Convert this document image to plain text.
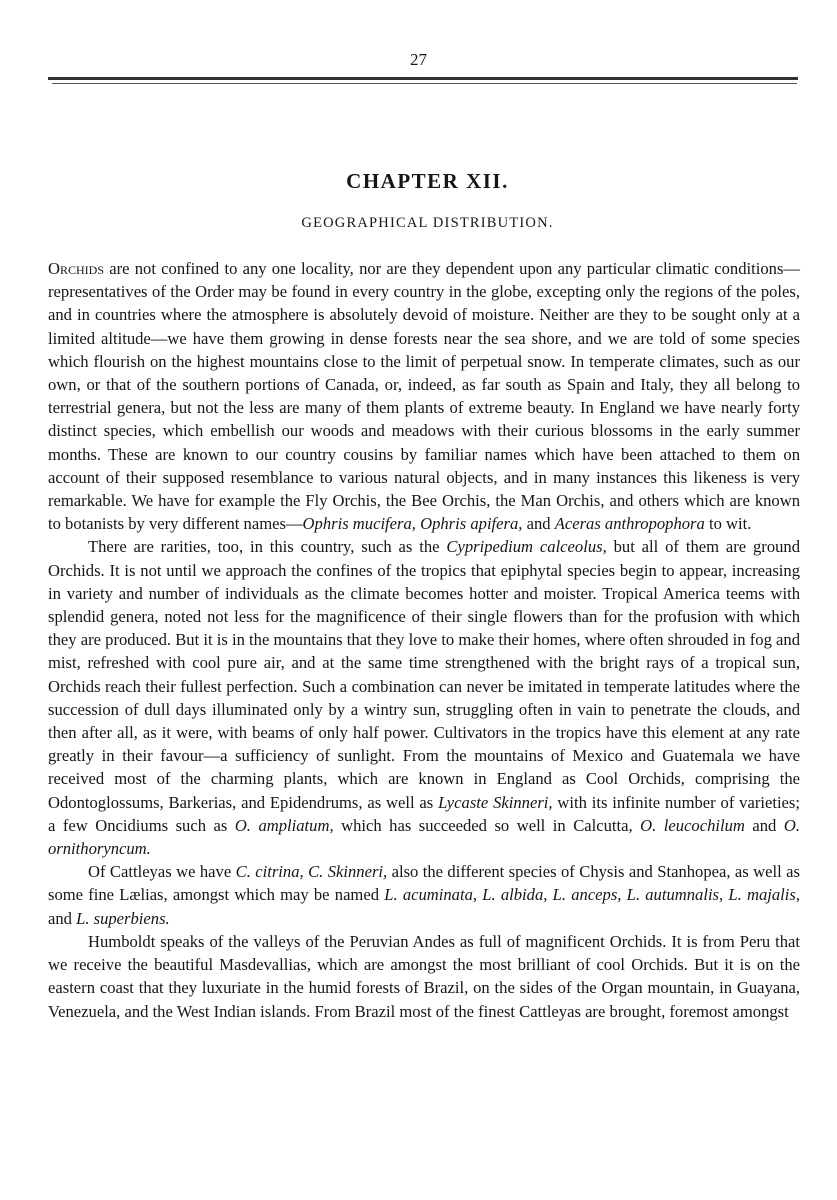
27
CHAPTER XII.
GEOGRAPHICAL DISTRIBUTION.

Orchids are not confined to any one locality, nor are they dependent upon any particular climatic conditions—representatives of the Order may be found in every country in the globe, excepting only the regions of the poles, and in countries where the atmosphere is absolutely devoid of moisture. Neither are they to be sought only at a limited altitude—we have them growing in dense forests near the sea shore, and we are told of some species which flourish on the highest mountains close to the limit of perpetual snow. In temperate climates, such as our own, or that of the southern portions of Canada, or, indeed, as far south as Spain and Italy, they all belong to terrestrial genera, but not the less are many of them plants of extreme beauty. In England we have nearly forty distinct species, which embellish our woods and meadows with their curious blossoms in the early summer months. These are known to our country cousins by familiar names which have been attached to them on account of their supposed resemblance to various natural objects, and in many instances this likeness is very remarkable. We have for example the Fly Orchis, the Bee Orchis, the Man Orchis, and others which are known to botanists by very different names—Ophris mucifera, Ophris apifera, and Aceras anthropophora to wit.

There are rarities, too, in this country, such as the Cypripedium calceolus, but all of them are ground Orchids. It is not until we approach the confines of the tropics that epiphytal species begin to appear, increasing in variety and number of individuals as the climate becomes hotter and moister. Tropical America teems with splendid genera, noted not less for the magnificence of their single flowers than for the profusion with which they are produced. But it is in the mountains that they love to make their homes, where often shrouded in fog and mist, refreshed with cool pure air, and at the same time strengthened with the bright rays of a tropical sun, Orchids reach their fullest perfection. Such a combination can never be imitated in temperate latitudes where the succession of dull days illuminated only by a wintry sun, struggling often in vain to penetrate the clouds, and then after all, as it were, with beams of only half power. Cultivators in the tropics have this element at any rate greatly in their favour—a sufficiency of sunlight. From the mountains of Mexico and Guatemala we have received most of the charming plants, which are known in England as Cool Orchids, comprising the Odontoglossums, Barkerias, and Epidendrums, as well as Lycaste Skinneri, with its infinite number of varieties; a few Oncidiums such as O. ampliatum, which has succeeded so well in Calcutta, O. leucochilum and O. ornithoryncum.

Of Cattleyas we have C. citrina, C. Skinneri, also the different species of Chysis and Stanhopea, as well as some fine Lælias, amongst which may be named L. acuminata, L. albida, L. anceps, L. autumnalis, L. majalis, and L. superbiens.

Humboldt speaks of the valleys of the Peruvian Andes as full of magnificent Orchids. It is from Peru that we receive the beautiful Masdevallias, which are amongst the most brilliant of cool Orchids. But it is on the eastern coast that they luxuriate in the humid forests of Brazil, on the sides of the Organ mountain, in Guayana, Venezuela, and the West Indian islands. From Brazil most of the finest Cattleyas are brought, foremost amongst
